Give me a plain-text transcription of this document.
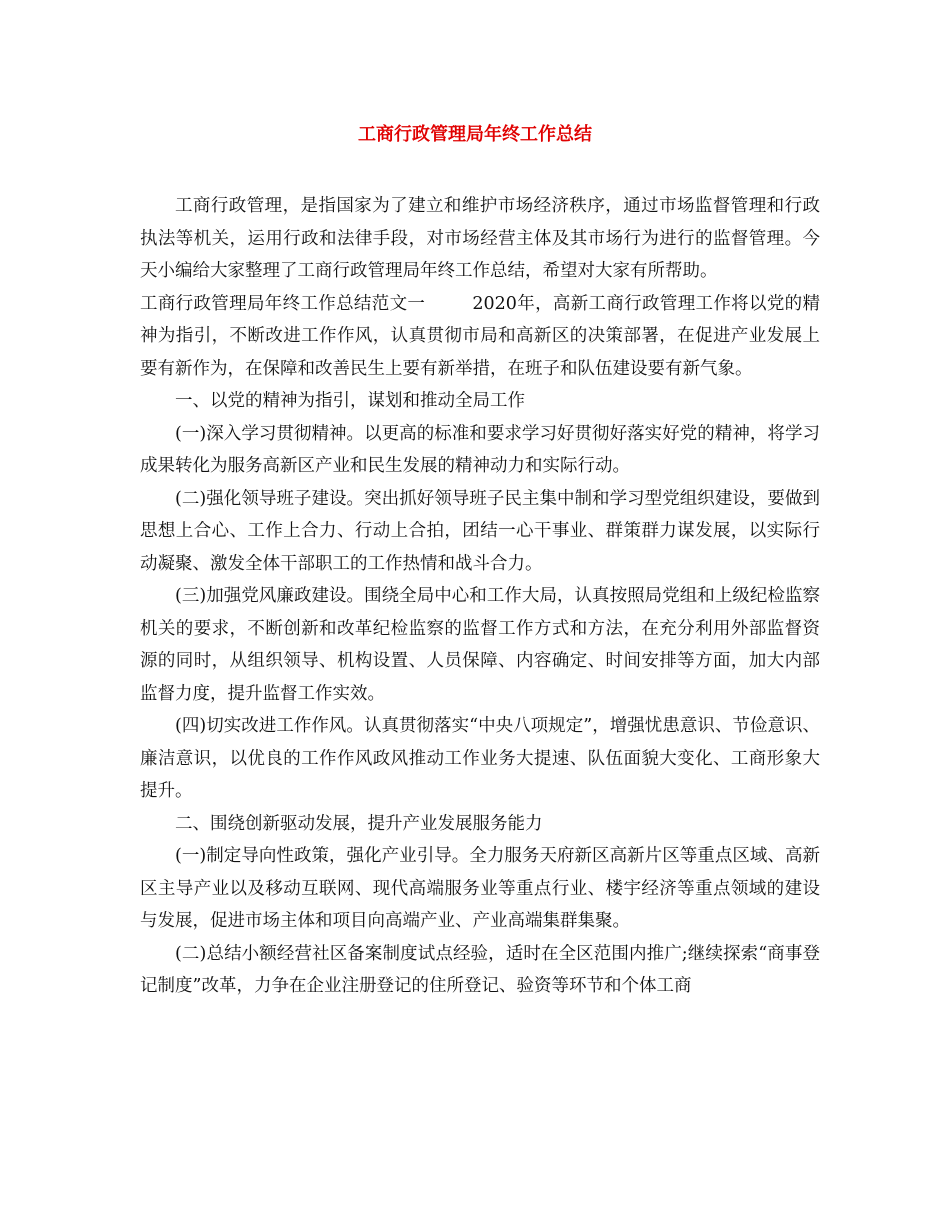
工商行政管理局年终工作总结

工商行政管理，是指国家为了建立和维护市场经济秩序，通过市场监督管理和行政执法等机关，运用行政和法律手段，对市场经营主体及其市场行为进行的监督管理。今天小编给大家整理了工商行政管理局年终工作总结，希望对大家有所帮助。

工商行政管理局年终工作总结范文一        2020年，高新工商行政管理工作将以党的精神为指引，不断改进工作作风，认真贯彻市局和高新区的决策部署，在促进产业发展上要有新作为，在保障和改善民生上要有新举措，在班子和队伍建设要有新气象。

一、以党的精神为指引，谋划和推动全局工作

(一)深入学习贯彻精神。以更高的标准和要求学习好贯彻好落实好党的精神，将学习成果转化为服务高新区产业和民生发展的精神动力和实际行动。

(二)强化领导班子建设。突出抓好领导班子民主集中制和学习型党组织建设，要做到思想上合心、工作上合力、行动上合拍，团结一心干事业、群策群力谋发展，以实际行动凝聚、激发全体干部职工的工作热情和战斗合力。

(三)加强党风廉政建设。围绕全局中心和工作大局，认真按照局党组和上级纪检监察机关的要求，不断创新和改革纪检监察的监督工作方式和方法，在充分利用外部监督资源的同时，从组织领导、机构设置、人员保障、内容确定、时间安排等方面，加大内部监督力度，提升监督工作实效。

(四)切实改进工作作风。认真贯彻落实“中央八项规定”，增强忧患意识、节俭意识、廉洁意识，以优良的工作作风政风推动工作业务大提速、队伍面貌大变化、工商形象大提升。

二、围绕创新驱动发展，提升产业发展服务能力

(一)制定导向性政策，强化产业引导。全力服务天府新区高新片区等重点区域、高新区主导产业以及移动互联网、现代高端服务业等重点行业、楼宇经济等重点领域的建设与发展，促进市场主体和项目向高端产业、产业高端集群集聚。

(二)总结小额经营社区备案制度试点经验，适时在全区范围内推广;继续探索“商事登记制度”改革，力争在企业注册登记的住所登记、验资等环节和个体工商
